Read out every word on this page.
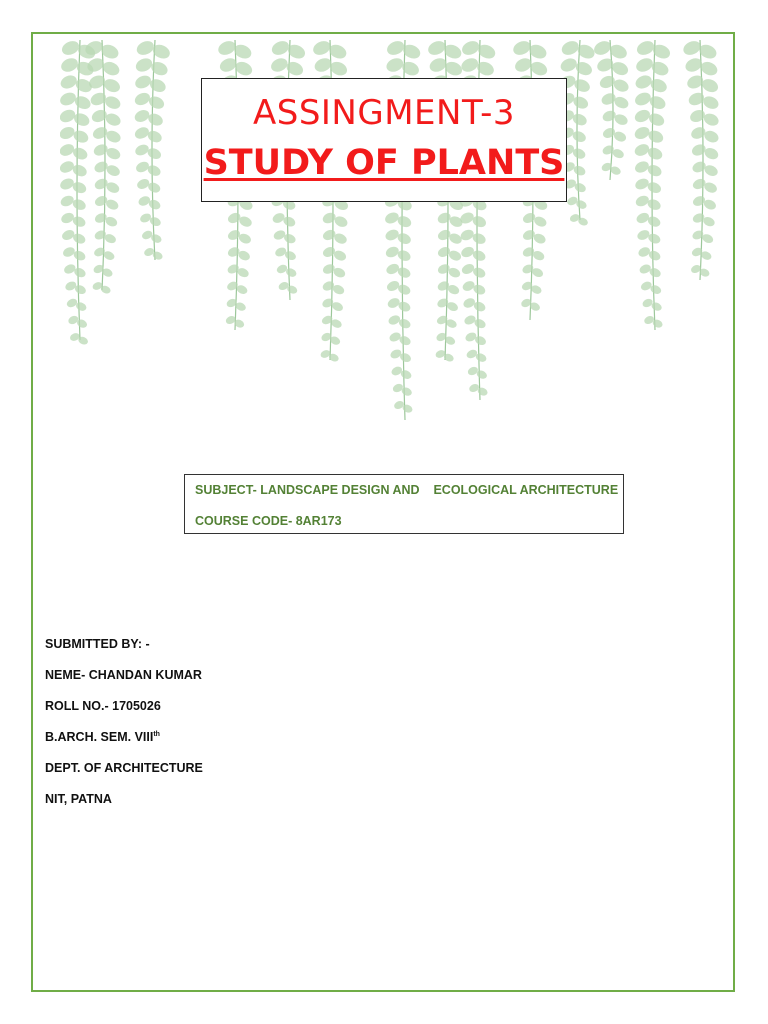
ASSINGMENT-3
STUDY OF PLANTS
SUBJECT- LANDSCAPE DESIGN AND    ECOLOGICAL ARCHITECTURE
COURSE CODE- 8AR173
SUBMITTED BY: -
NEME- CHANDAN KUMAR
ROLL NO.- 1705026
B.ARCH. SEM. VIIIth
DEPT. OF ARCHITECTURE
NIT, PATNA
